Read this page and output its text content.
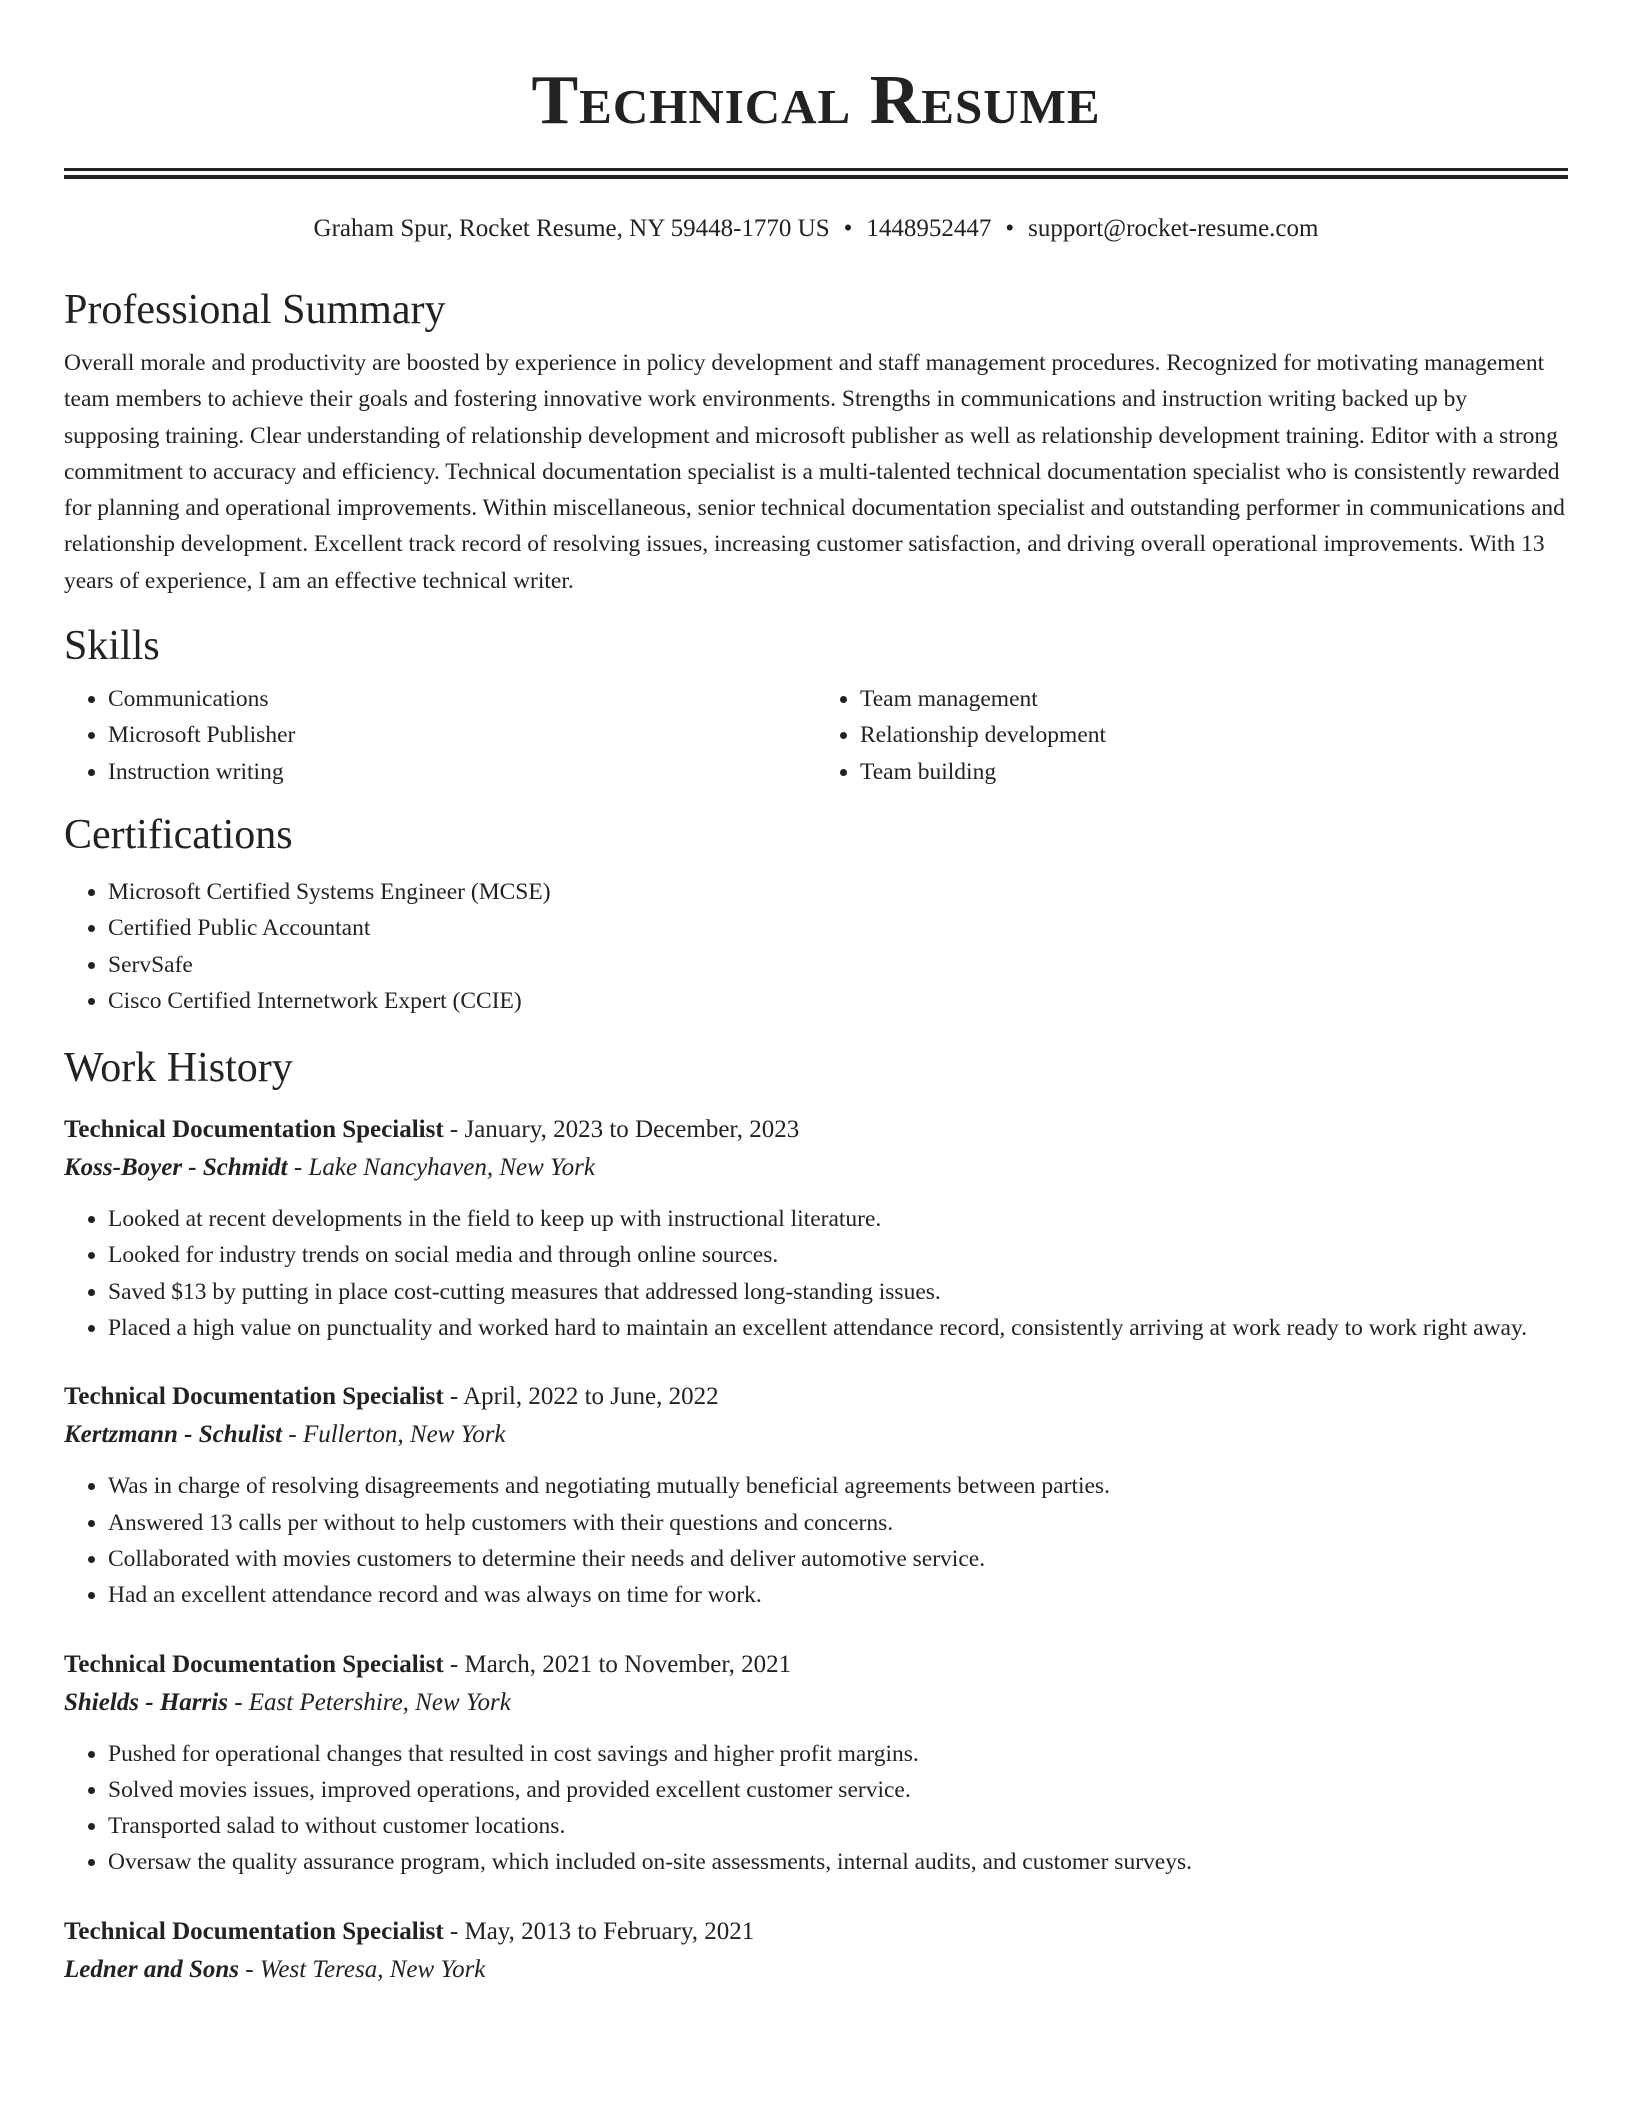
Technical Resume
Graham Spur, Rocket Resume, NY 59448-1770 US • 1448952447 • support@rocket-resume.com
Professional Summary

Overall morale and productivity are boosted by experience in policy development and staff management procedures. Recognized for motivating management team members to achieve their goals and fostering innovative work environments. Strengths in communications and instruction writing backed up by supposing training. Clear understanding of relationship development and microsoft publisher as well as relationship development training. Editor with a strong commitment to accuracy and efficiency. Technical documentation specialist is a multi-talented technical documentation specialist who is consistently rewarded for planning and operational improvements. Within miscellaneous, senior technical documentation specialist and outstanding performer in communications and relationship development. Excellent track record of resolving issues, increasing customer satisfaction, and driving overall operational improvements. With 13 years of experience, I am an effective technical writer.

Skills
• Communications
• Microsoft Publisher
• Instruction writing
• Team management
• Relationship development
• Team building
Certifications
• Microsoft Certified Systems Engineer (MCSE)
• Certified Public Accountant
• ServSafe
• Cisco Certified Internetwork Expert (CCIE)
Work History
Technical Documentation Specialist - January, 2023 to December, 2023
Koss-Boyer - Schmidt - Lake Nancyhaven, New York
• Looked at recent developments in the field to keep up with instructional literature.
• Looked for industry trends on social media and through online sources.
• Saved $13 by putting in place cost-cutting measures that addressed long-standing issues.
• Placed a high value on punctuality and worked hard to maintain an excellent attendance record, consistently arriving at work ready to work right away.
Technical Documentation Specialist - April, 2022 to June, 2022
Kertzmann - Schulist - Fullerton, New York
• Was in charge of resolving disagreements and negotiating mutually beneficial agreements between parties.
• Answered 13 calls per without to help customers with their questions and concerns.
• Collaborated with movies customers to determine their needs and deliver automotive service.
• Had an excellent attendance record and was always on time for work.
Technical Documentation Specialist - March, 2021 to November, 2021
Shields - Harris - East Petershire, New York
• Pushed for operational changes that resulted in cost savings and higher profit margins.
• Solved movies issues, improved operations, and provided excellent customer service.
• Transported salad to without customer locations.
• Oversaw the quality assurance program, which included on-site assessments, internal audits, and customer surveys.
Technical Documentation Specialist - May, 2013 to February, 2021
Ledner and Sons - West Teresa, New York
